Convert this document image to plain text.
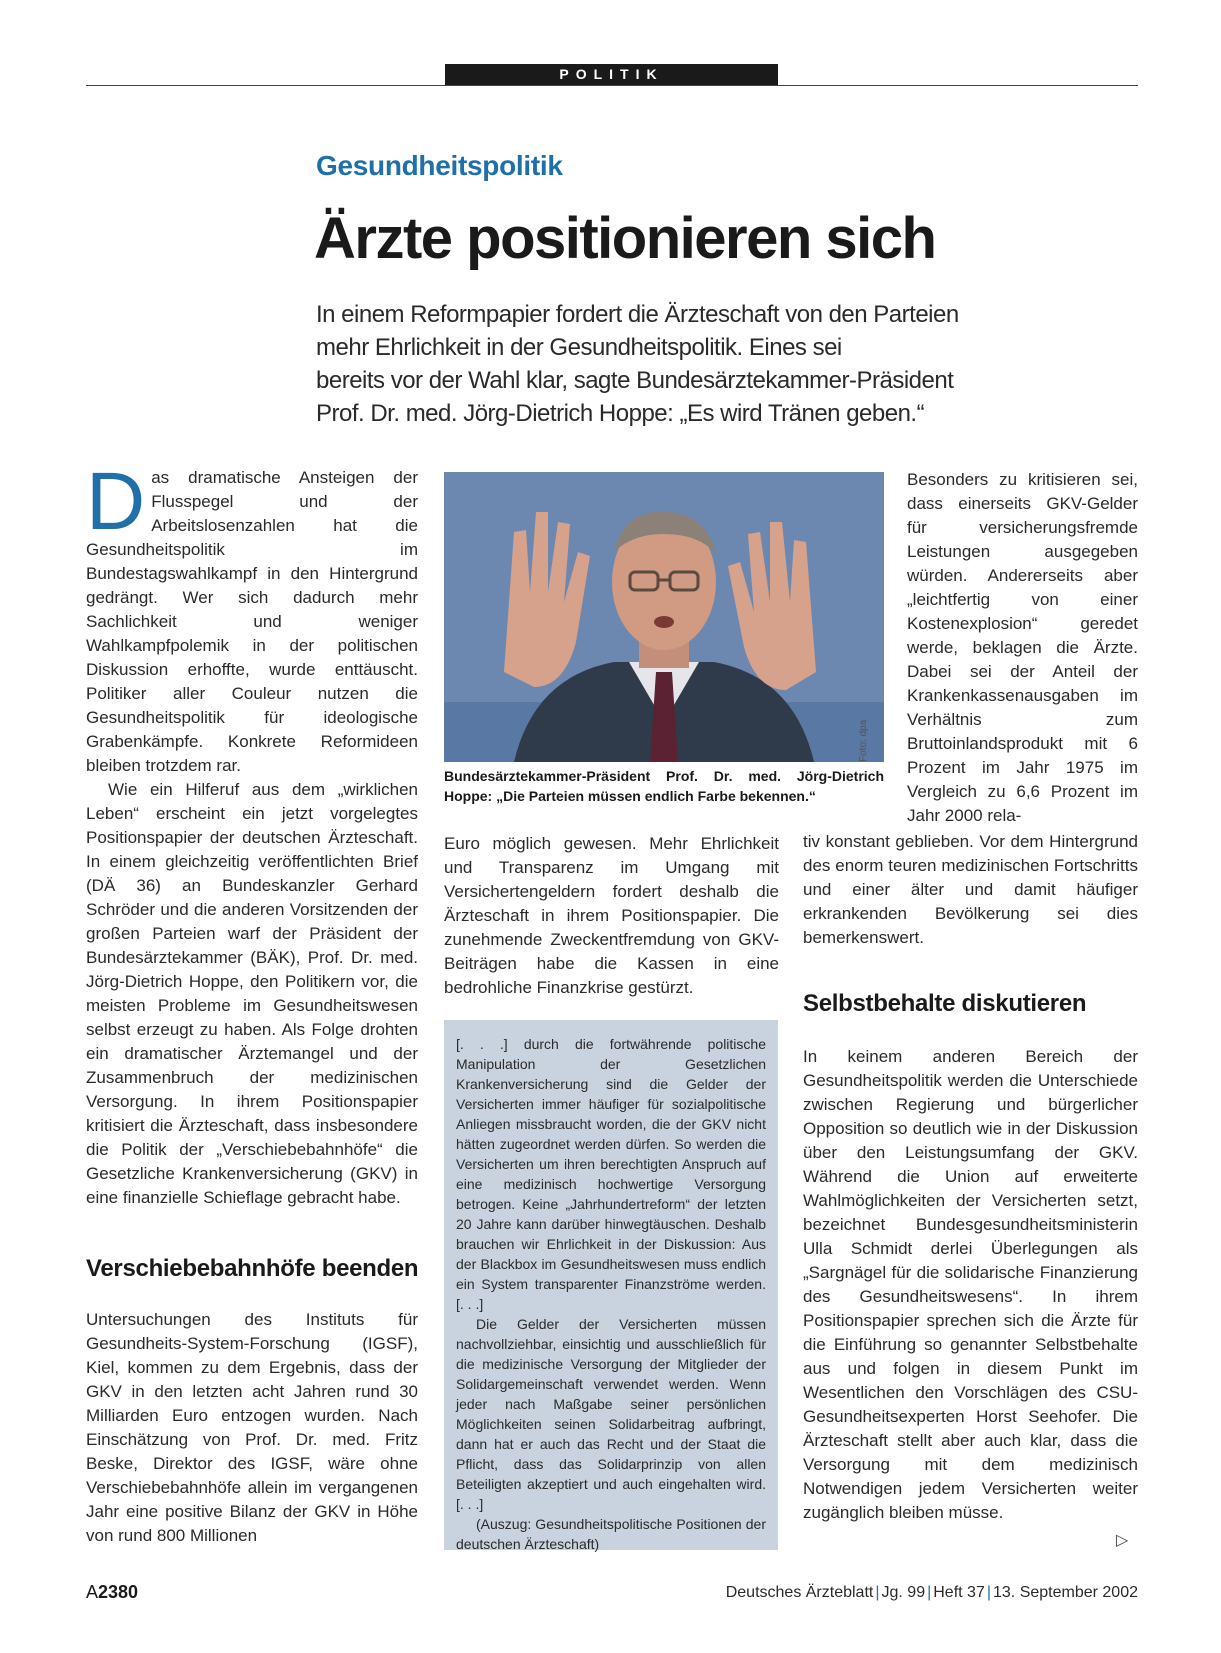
POLITIK
Gesundheitspolitik
Ärzte positionieren sich
In einem Reformpapier fordert die Ärzteschaft von den Parteien
mehr Ehrlichkeit in der Gesundheitspolitik. Eines sei
bereits vor der Wahl klar, sagte Bundesärztekammer-Präsident
Prof. Dr. med. Jörg-Dietrich Hoppe: „Es wird Tränen geben.“

Das dramatische Ansteigen der Flusspegel und der Arbeitslosenzahlen hat die Gesundheitspolitik im Bundestagswahlkampf in den Hintergrund gedrängt. Wer sich dadurch mehr Sachlichkeit und weniger Wahlkampfpolemik in der politischen Diskussion erhoffte, wurde enttäuscht. Politiker aller Couleur nutzen die Gesundheitspolitik für ideologische Grabenkämpfe. Konkrete Reformideen bleiben trotzdem rar.

Wie ein Hilferuf aus dem „wirklichen Leben“ erscheint ein jetzt vorgelegtes Positionspapier der deutschen Ärzteschaft. In einem gleichzeitig veröffentlichten Brief (DÄ 36) an Bundeskanzler Gerhard Schröder und die anderen Vorsitzenden der großen Parteien warf der Präsident der Bundesärztekammer (BÄK), Prof. Dr. med. Jörg-Dietrich Hoppe, den Politikern vor, die meisten Probleme im Gesundheitswesen selbst erzeugt zu haben. Als Folge drohten ein dramatischer Ärztemangel und der Zusammenbruch der medizinischen Versorgung. In ihrem Positionspapier kritisiert die Ärzteschaft, dass insbesondere die Politik der „Verschiebebahnhöfe“ die Gesetzliche Krankenversicherung (GKV) in eine finanzielle Schieflage gebracht habe.

Verschiebebahnhöfe beenden

Untersuchungen des Instituts für Gesundheits-System-Forschung (IGSF), Kiel, kommen zu dem Ergebnis, dass der GKV in den letzten acht Jahren rund 30 Milliarden Euro entzogen wurden. Nach Einschätzung von Prof. Dr. med. Fritz Beske, Direktor des IGSF, wäre ohne Verschiebebahnhöfe allein im vergangenen Jahr eine positive Bilanz der GKV in Höhe von rund 800 Millionen

Foto: dpa
Bundesärztekammer-Präsident Prof. Dr. med. Jörg-Dietrich Hoppe: „Die Parteien müssen endlich Farbe bekennen.“

Euro möglich gewesen. Mehr Ehrlichkeit und Transparenz im Umgang mit Versichertengeldern fordert deshalb die Ärzteschaft in ihrem Positionspapier. Die zunehmende Zweckentfremdung von GKV-Beiträgen habe die Kassen in eine bedrohliche Finanzkrise gestürzt.

[. . .] durch die fortwährende politische Manipulation der Gesetzlichen Krankenversicherung sind die Gelder der Versicherten immer häufiger für sozialpolitische Anliegen missbraucht worden, die der GKV nicht hätten zugeordnet werden dürfen. So werden die Versicherten um ihren berechtigten Anspruch auf eine medizinisch hochwertige Versorgung betrogen. Keine „Jahrhundertreform“ der letzten 20 Jahre kann darüber hinwegtäuschen. Deshalb brauchen wir Ehrlichkeit in der Diskussion: Aus der Blackbox im Gesundheitswesen muss endlich ein System transparenter Finanzströme werden. [. . .]

Die Gelder der Versicherten müssen nachvollziehbar, einsichtig und ausschließlich für die medizinische Versorgung der Mitglieder der Solidargemeinschaft verwendet werden. Wenn jeder nach Maßgabe seiner persönlichen Möglichkeiten seinen Solidarbeitrag aufbringt, dann hat er auch das Recht und der Staat die Pflicht, dass das Solidarprinzip von allen Beteiligten akzeptiert und auch eingehalten wird. [. . .]

(Auszug: Gesundheitspolitische Positionen der deutschen Ärzteschaft)

Besonders zu kritisieren sei, dass einerseits GKV-Gelder für versicherungsfremde Leistungen ausgegeben würden. Andererseits aber „leichtfertig von einer Kostenexplosion“ geredet werde, beklagen die Ärzte. Dabei sei der Anteil der Krankenkassenausgaben im Verhältnis zum Bruttoinlandsprodukt mit 6 Prozent im Jahr 1975 im Vergleich zu 6,6 Prozent im Jahr 2000 rela-

tiv konstant geblieben. Vor dem Hintergrund des enorm teuren medizinischen Fortschritts und einer älter und damit häufiger erkrankenden Bevölkerung sei dies bemerkenswert.

Selbstbehalte diskutieren

In keinem anderen Bereich der Gesundheitspolitik werden die Unterschiede zwischen Regierung und bürgerlicher Opposition so deutlich wie in der Diskussion über den Leistungsumfang der GKV. Während die Union auf erweiterte Wahlmöglichkeiten der Versicherten setzt, bezeichnet Bundesgesundheitsministerin Ulla Schmidt derlei Überlegungen als „Sargnägel für die solidarische Finanzierung des Gesundheitswesens“. In ihrem Positionspapier sprechen sich die Ärzte für die Einführung so genannter Selbstbehalte aus und folgen in diesem Punkt im Wesentlichen den Vorschlägen des CSU-Gesundheitsexperten Horst Seehofer. Die Ärzteschaft stellt aber auch klar, dass die Versorgung mit dem medizinisch Notwendigen jedem Versicherten weiter zugänglich bleiben müsse.

▷
A2380	Deutsches Ärzteblatt | Jg. 99 | Heft 37 | 13. September 2002
